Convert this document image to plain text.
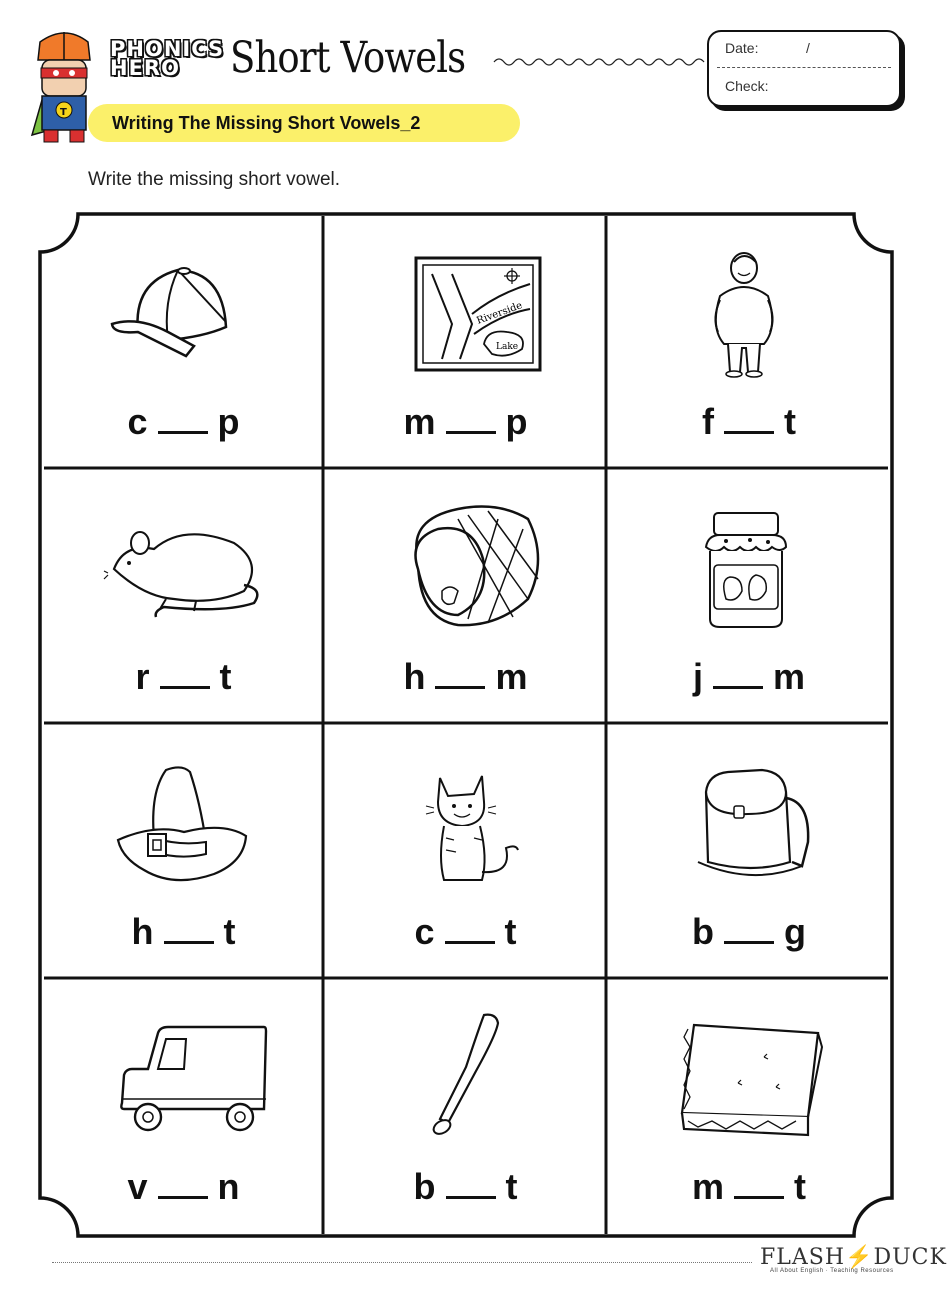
T
PHONICS
HERO	Short Vowels	Date:	/
Check:
Writing The Missing Short Vowels_2
Write the missing short vowel.
c p
Riverside
Lake
m p	f t
r t	h m	j m
h t	c t	b g
v n	b t	m t
FLASH⚡DUCK
All About English · Teaching Resources
